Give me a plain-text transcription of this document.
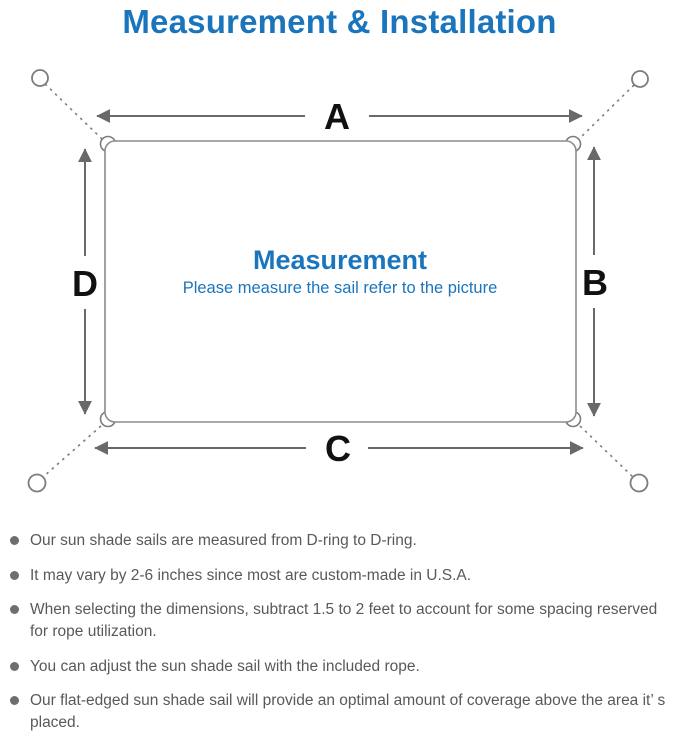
Measurement & Installation
A
B
C
D
Measurement
Please measure the sail refer to the picture
Our sun shade sails are measured from D-ring to D-ring.
It may vary by 2-6 inches since most are custom-made in U.S.A.
When selecting the dimensions, subtract 1.5 to 2 feet to account for some spacing reserved for rope utilization.
You can adjust the sun shade sail with the included rope.
Our flat-edged sun shade sail will provide an optimal amount of coverage above the area it’ s placed.
